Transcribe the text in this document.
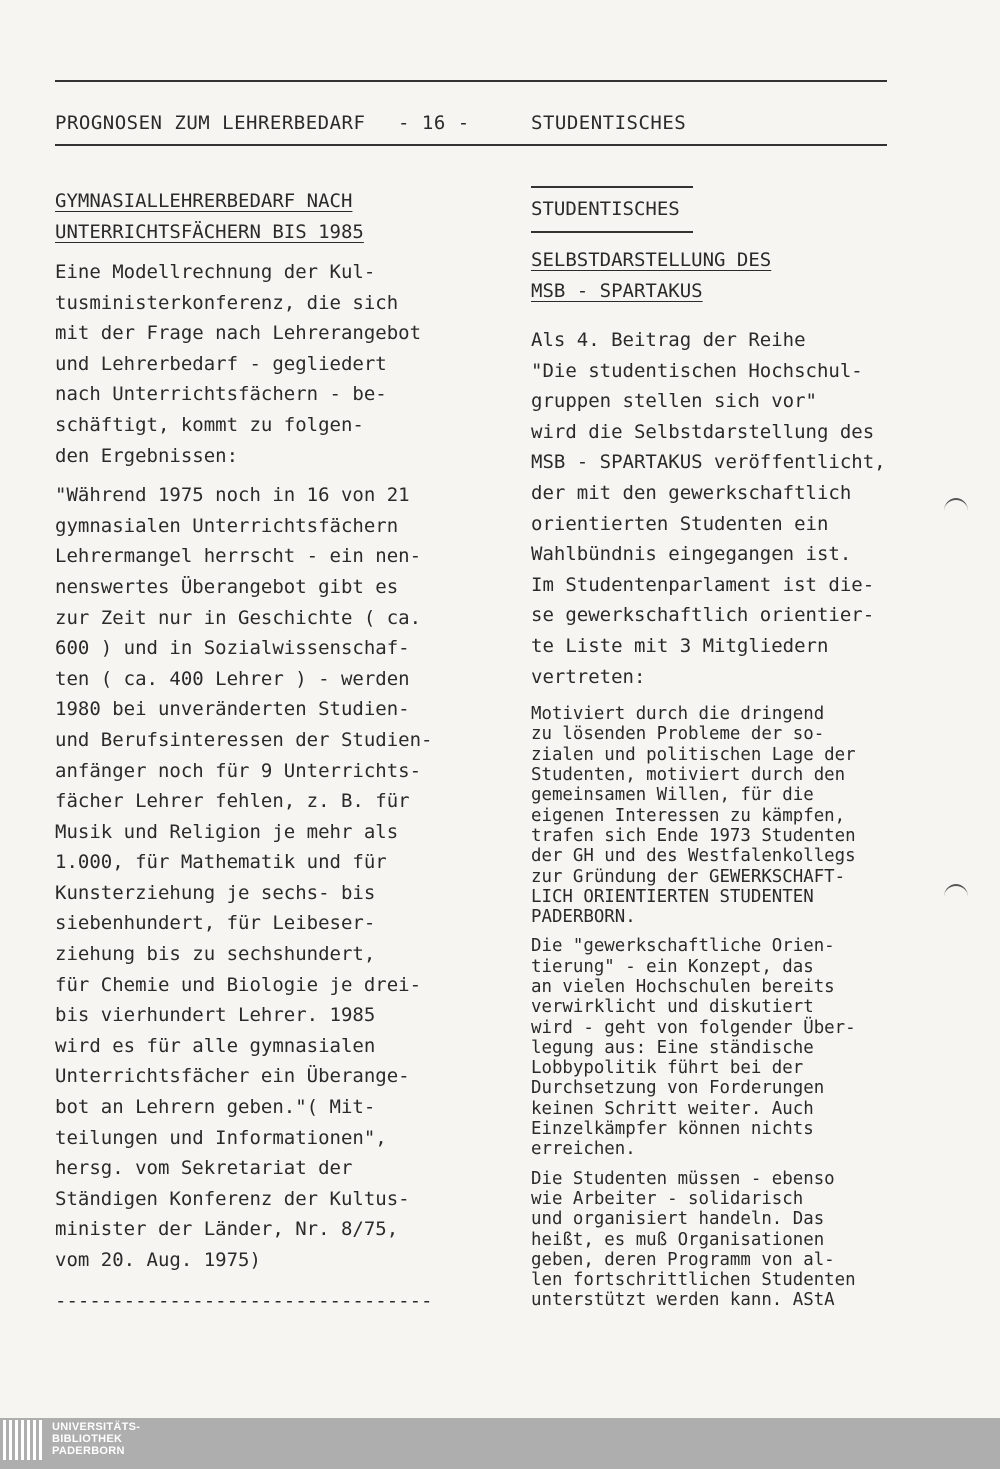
PROGNOSEN ZUM LEHRERBEDARF - 16 -	STUDENTISCHES
GYMNASIALLEHRERBEDARF NACH
UNTERRICHTSFÄCHERN BIS 1985
Eine Modellrechnung der Kul-
tusministerkonferenz, die sich
mit der Frage nach Lehrerangebot
und Lehrerbedarf - gegliedert
nach Unterrichtsfächern - be-
schäftigt, kommt zu folgen-
den Ergebnissen:
"Während 1975 noch in 16 von 21
gymnasialen Unterrichtsfächern
Lehrermangel herrscht - ein nen-
nenswertes Überangebot gibt es
zur Zeit nur in Geschichte ( ca.
600 ) und in Sozialwissenschaf-
ten ( ca. 400 Lehrer ) - werden
1980 bei unveränderten Studien-
und Berufsinteressen der Studien-
anfänger noch für 9 Unterrichts-
fächer Lehrer fehlen, z. B. für
Musik und Religion je mehr als
1.000, für Mathematik und für
Kunsterziehung je sechs- bis
siebenhundert, für Leibeser-
ziehung bis zu sechshundert,
für Chemie und Biologie je drei-
bis vierhundert Lehrer. 1985
wird es für alle gymnasialen
Unterrichtsfächer ein Überange-
bot an Lehrern geben."( Mit-
teilungen und Informationen",
hersg. vom Sekretariat der
Ständigen Konferenz der Kultus-
minister der Länder, Nr. 8/75,
vom 20. Aug. 1975)
---------------------------------
STUDENTISCHES
SELBSTDARSTELLUNG DES
MSB - SPARTAKUS
Als 4. Beitrag der Reihe
"Die studentischen Hochschul-
gruppen stellen sich vor"
wird die Selbstdarstellung des
MSB - SPARTAKUS veröffentlicht,
der mit den gewerkschaftlich
orientierten Studenten ein
Wahlbündnis eingegangen ist.
Im Studentenparlament ist die-
se gewerkschaftlich orientier-
te Liste mit 3 Mitgliedern
vertreten:
Motiviert durch die dringend
zu lösenden Probleme der so-
zialen und politischen Lage der
Studenten, motiviert durch den
gemeinsamen Willen, für die
eigenen Interessen zu kämpfen,
trafen sich Ende 1973 Studenten
der GH und des Westfalenkollegs
zur Gründung der GEWERKSCHAFT-
LICH ORIENTIERTEN STUDENTEN
PADERBORN.
Die "gewerkschaftliche Orien-
tierung" - ein Konzept, das
an vielen Hochschulen bereits
verwirklicht und diskutiert
wird - geht von folgender Über-
legung aus: Eine ständische
Lobbypolitik führt bei der
Durchsetzung von Forderungen
keinen Schritt weiter. Auch
Einzelkämpfer können nichts
erreichen.
Die Studenten müssen - ebenso
wie Arbeiter - solidarisch
und organisiert handeln. Das
heißt, es muß Organisationen
geben, deren Programm von al-
len fortschrittlichen Studenten
unterstützt werden kann. AStA
UNIVERSITÄTS-
BIBLIOTHEK
PADERBORN
